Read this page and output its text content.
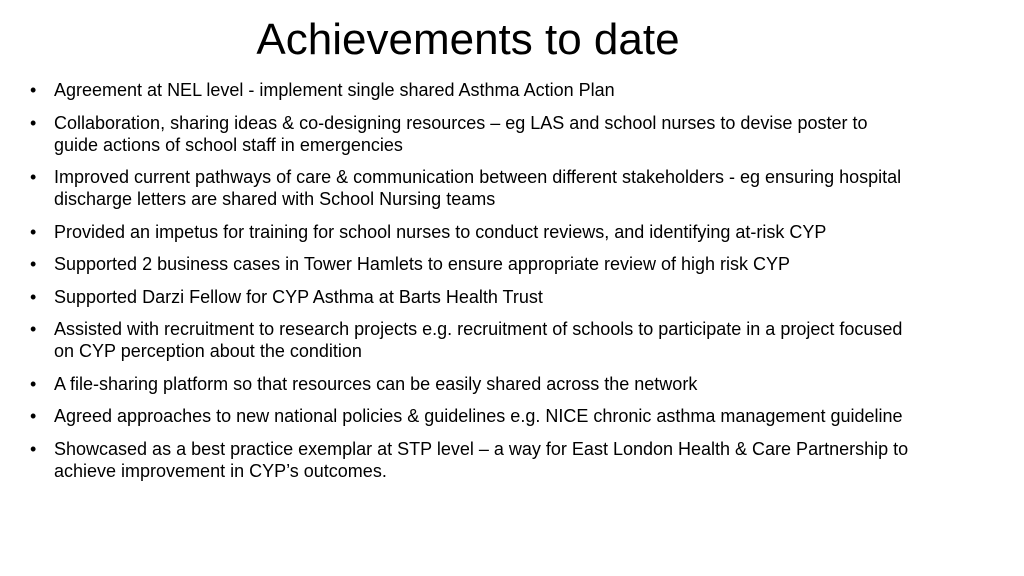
Achievements to date
• Agreement at NEL level - implement single shared Asthma Action Plan
• Collaboration, sharing ideas & co-designing resources – eg LAS and school nurses to devise poster to guide actions of school staff in emergencies
• Improved current pathways of care & communication between different stakeholders - eg ensuring hospital discharge letters are shared with School Nursing teams
• Provided an impetus for training for school nurses to conduct reviews, and identifying at-risk CYP
• Supported 2 business cases in Tower Hamlets to ensure appropriate review of high risk CYP
• Supported Darzi Fellow for CYP Asthma at Barts Health Trust
• Assisted with recruitment to research projects e.g. recruitment of schools to participate in a project focused on CYP perception about the condition
• A file-sharing platform so that resources can be easily shared across the network
• Agreed approaches to new national policies & guidelines e.g. NICE chronic asthma management guideline
• Showcased as a best practice exemplar at STP level – a way for East London Health & Care Partnership to achieve improvement in CYP’s outcomes.
